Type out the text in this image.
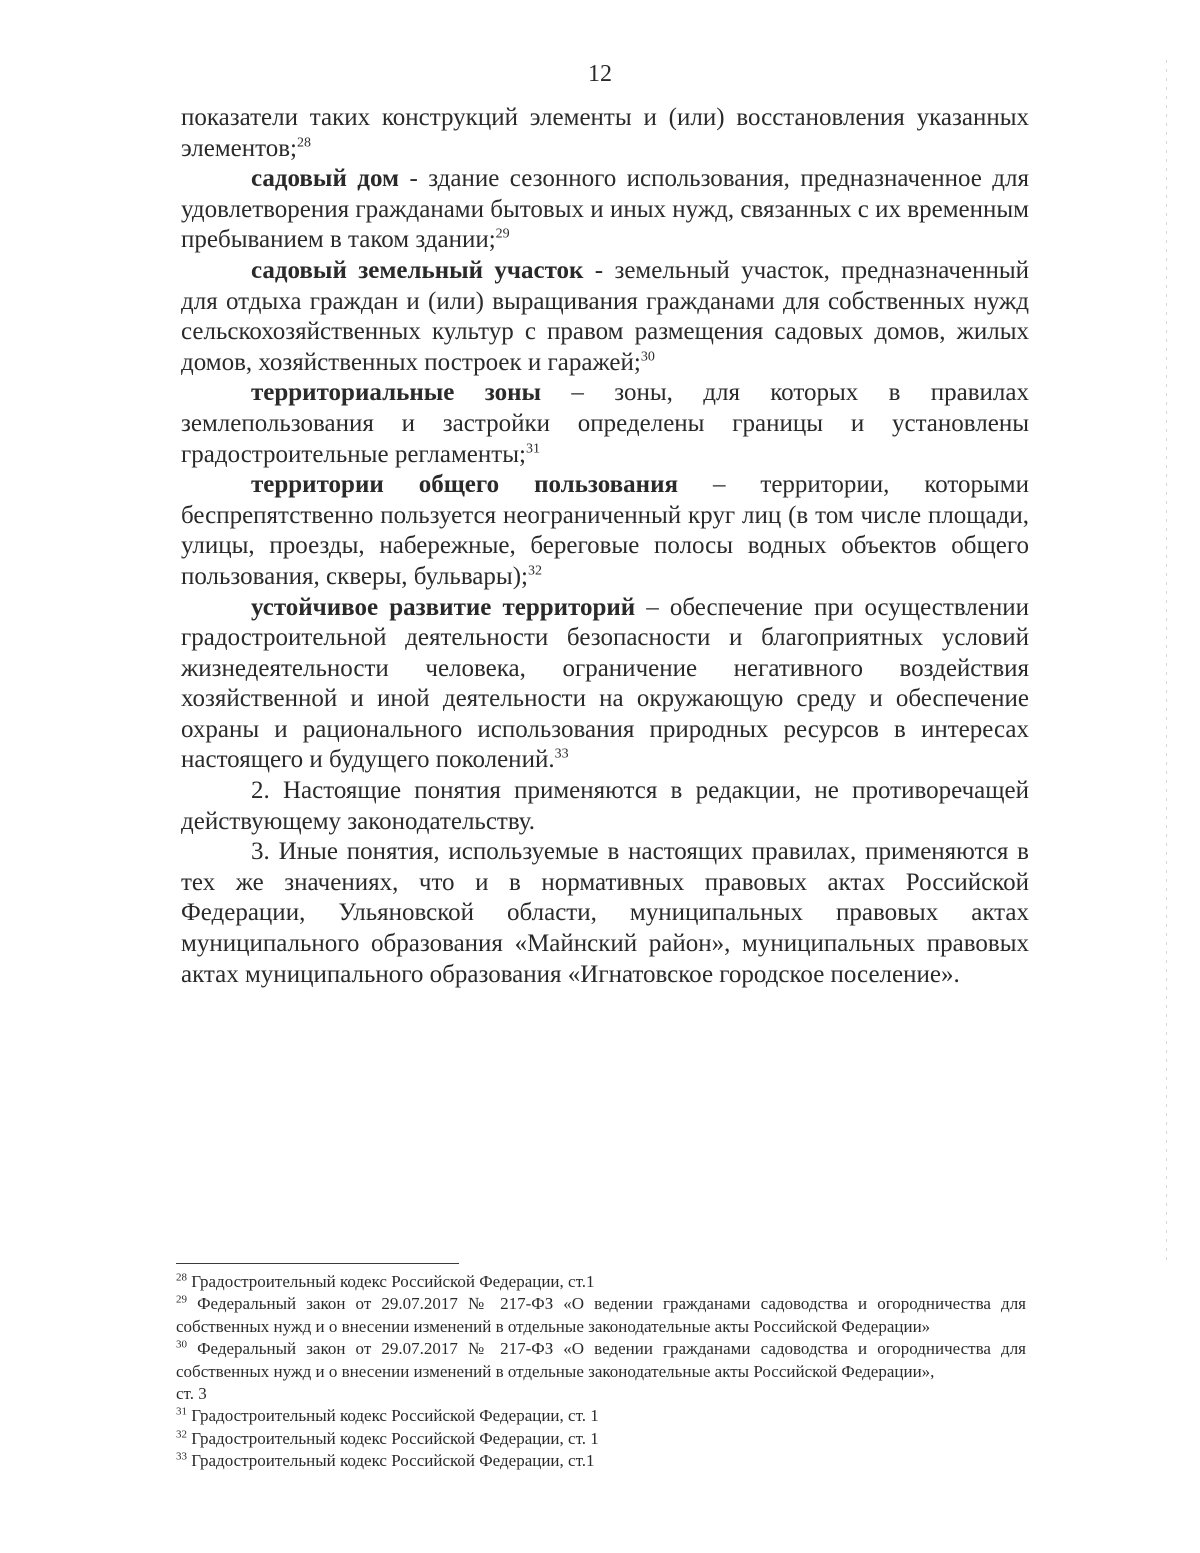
12

показатели таких конструкций элементы и (или) восстановления указанных элементов;$^{28}$

садовый дом - здание сезонного использования, предназначенное для удовлетворения гражданами бытовых и иных нужд, связанных с их временным пребыванием в таком здании;$^{29}$

садовый земельный участок - земельный участок, предназначенный для отдыха граждан и (или) выращивания гражданами для собственных нужд сельскохозяйственных культур с правом размещения садовых домов, жилых домов, хозяйственных построек и гаражей;$^{30}$

территориальные зоны – зоны, для которых в правилах землепользования и застройки определены границы и установлены градостроительные регламенты;$^{31}$

территории общего пользования – территории, которыми беспрепятственно пользуется неограниченный круг лиц (в том числе площади, улицы, проезды, набережные, береговые полосы водных объектов общего пользования, скверы, бульвары);$^{32}$

устойчивое развитие территорий – обеспечение при осуществлении градостроительной деятельности безопасности и благоприятных условий жизнедеятельности человека, ограничение негативного воздействия хозяйственной и иной деятельности на окружающую среду и обеспечение охраны и рационального использования природных ресурсов в интересах настоящего и будущего поколений.$^{33}$

2. Настоящие понятия применяются в редакции, не противоречащей действующему законодательству.

3. Иные понятия, используемые в настоящих правилах, применяются в тех же значениях, что и в нормативных правовых актах Российской Федерации, Ульяновской области, муниципальных правовых актах муниципального образования «Майнский район», муниципальных правовых актах муниципального образования «Игнатовское городское поселение».

$^{28}$ Градостроительный кодекс Российской Федерации, ст.1

$^{29}$ Федеральный закон от 29.07.2017 № 217-ФЗ «О ведении гражданами садоводства и огородничества для собственных нужд и о внесении изменений в отдельные законодательные акты Российской Федерации»

$^{30}$ Федеральный закон от 29.07.2017 № 217-ФЗ «О ведении гражданами садоводства и огородничества для собственных нужд и о внесении изменений в отдельные законодательные акты Российской Федерации»,
ст. 3

$^{31}$ Градостроительный кодекс Российской Федерации, ст. 1

$^{32}$ Градостроительный кодекс Российской Федерации, ст. 1

$^{33}$ Градостроительный кодекс Российской Федерации, ст.1
